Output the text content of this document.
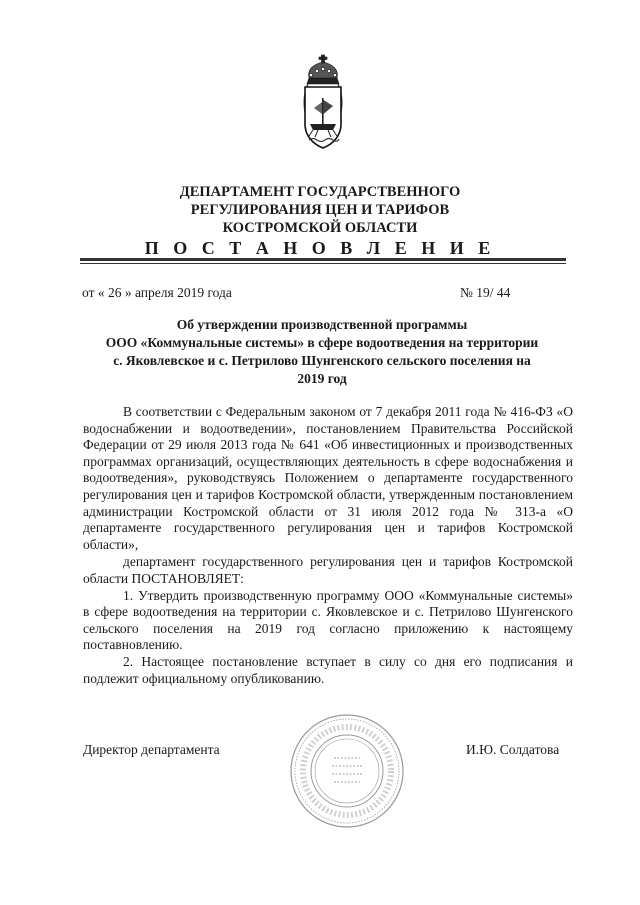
ДЕПАРТАМЕНТ ГОСУДАРСТВЕННОГО
РЕГУЛИРОВАНИЯ ЦЕН И ТАРИФОВ
КОСТРОМСКОЙ ОБЛАСТИ
П О С Т А Н О В Л Е Н И Е
от « 26 » апреля 2019 года	№ 19/ 44
Об утверждении производственной программы
ООО «Коммунальные системы» в сфере водоотведения на территории
с. Яковлевское и с. Петрилово Шунгенского сельского поселения на
2019 год

В соответствии с Федеральным законом от 7 декабря 2011 года № 416-ФЗ «О водоснабжении и водоотведении», постановлением Правительства Российской Федерации от 29 июля 2013 года № 641 «Об инвестиционных и производственных программах организаций, осуществляющих деятельность в сфере водоснабжения и водоотведения», руководствуясь Положением о департаменте государственного регулирования цен и тарифов Костромской области, утвержденным постановлением администрации Костромской области от 31 июля 2012 года № 313-а «О департаменте государственного регулирования цен и тарифов Костромской области»,

департамент государственного регулирования цен и тарифов Костромской области ПОСТАНОВЛЯЕТ:

1. Утвердить производственную программу ООО «Коммунальные системы» в сфере водоотведения на территории с. Яковлевское и с. Петрилово Шунгенского сельского поселения на 2019 год согласно приложению к настоящему поставновлению.

2. Настоящее постановление вступает в силу со дня его подписания и подлежит официальному опубликованию.

Директор департамента	И.Ю. Солдатова
